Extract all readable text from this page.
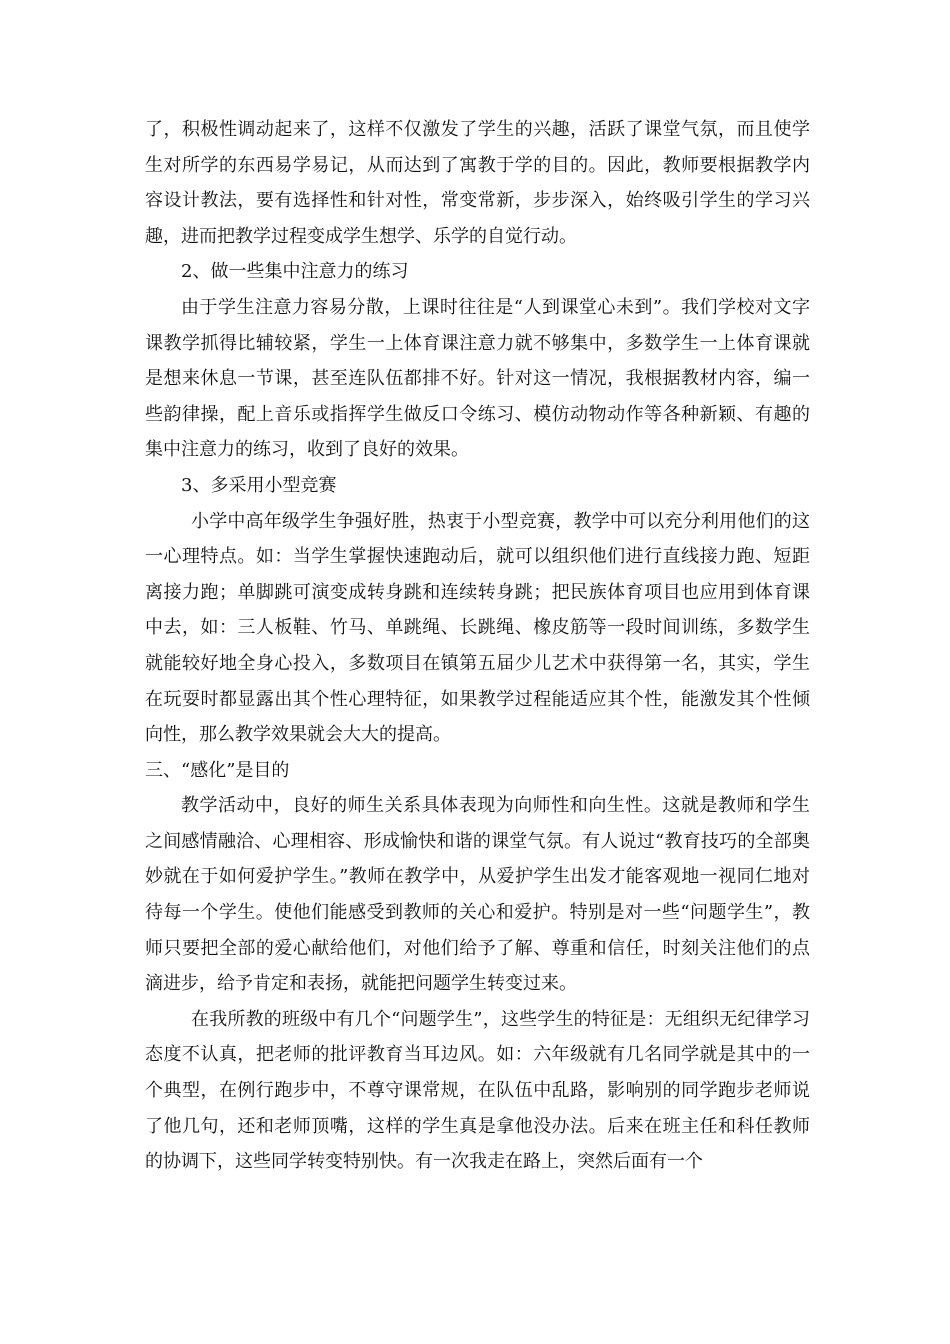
了，积极性调动起来了，这样不仅激发了学生的兴趣，活跃了课堂气氛，而且使学生对所学的东西易学易记，从而达到了寓教于学的目的。因此，教师要根据教学内容设计教法，要有选择性和针对性，常变常新，步步深入，始终吸引学生的学习兴趣，进而把教学过程变成学生想学、乐学的自觉行动。

2、做一些集中注意力的练习

由于学生注意力容易分散，上课时往往是“人到课堂心未到”。我们学校对文字课教学抓得比辅较紧，学生一上体育课注意力就不够集中，多数学生一上体育课就是想来休息一节课，甚至连队伍都排不好。针对这一情况，我根据教材内容，编一些韵律操，配上音乐或指挥学生做反口令练习、模仿动物动作等各种新颖、有趣的集中注意力的练习，收到了良好的效果。

3、多采用小型竞赛

小学中高年级学生争强好胜，热衷于小型竞赛，教学中可以充分利用他们的这一心理特点。如：当学生掌握快速跑动后，就可以组织他们进行直线接力跑、短距离接力跑；单脚跳可演变成转身跳和连续转身跳；把民族体育项目也应用到体育课中去，如：三人板鞋、竹马、单跳绳、长跳绳、橡皮筋等一段时间训练，多数学生就能较好地全身心投入，多数项目在镇第五届少儿艺术中获得第一名，其实，学生在玩耍时都显露出其个性心理特征，如果教学过程能适应其个性，能激发其个性倾向性，那么教学效果就会大大的提高。

三、“感化”是目的

教学活动中，良好的师生关系具体表现为向师性和向生性。这就是教师和学生之间感情融洽、心理相容、形成愉快和谐的课堂气氛。有人说过“教育技巧的全部奥妙就在于如何爱护学生。”教师在教学中，从爱护学生出发才能客观地一视同仁地对待每一个学生。使他们能感受到教师的关心和爱护。特别是对一些“问题学生”，教师只要把全部的爱心献给他们，对他们给予了解、尊重和信任，时刻关注他们的点滴进步，给予肯定和表扬，就能把问题学生转变过来。

在我所教的班级中有几个“问题学生”，这些学生的特征是：无组织无纪律学习态度不认真，把老师的批评教育当耳边风。如：六年级就有几名同学就是其中的一个典型，在例行跑步中，不尊守课常规，在队伍中乱路，影响别的同学跑步老师说了他几句，还和老师顶嘴，这样的学生真是拿他没办法。后来在班主任和科任教师的协调下，这些同学转变特别快。有一次我走在路上，突然后面有一个
